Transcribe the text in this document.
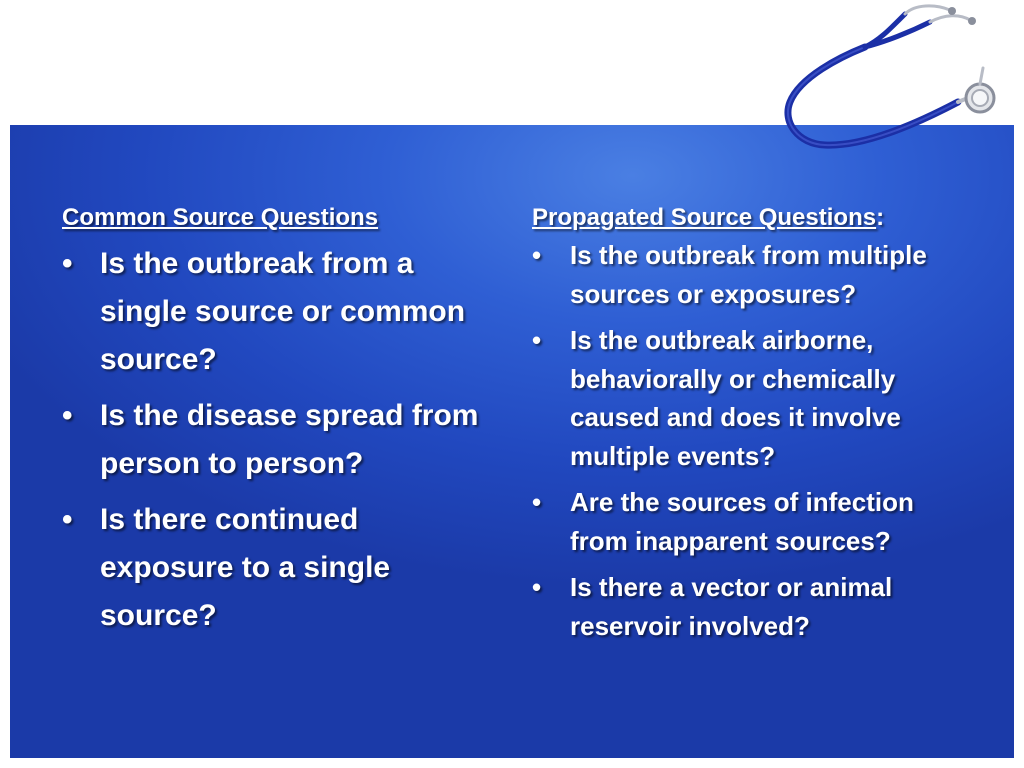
Common Source Questions
• Is the outbreak from a single source or common source?
• Is the disease spread from person to person?
• Is there continued exposure to a single source?
Propagated Source Questions:
•	Is the outbreak from multiple sources or exposures?
•	Is the outbreak airborne, behaviorally or chemically caused and does it involve multiple events?
•	Are the sources of infection from inapparent sources?
•	Is there a vector or animal reservoir involved?
